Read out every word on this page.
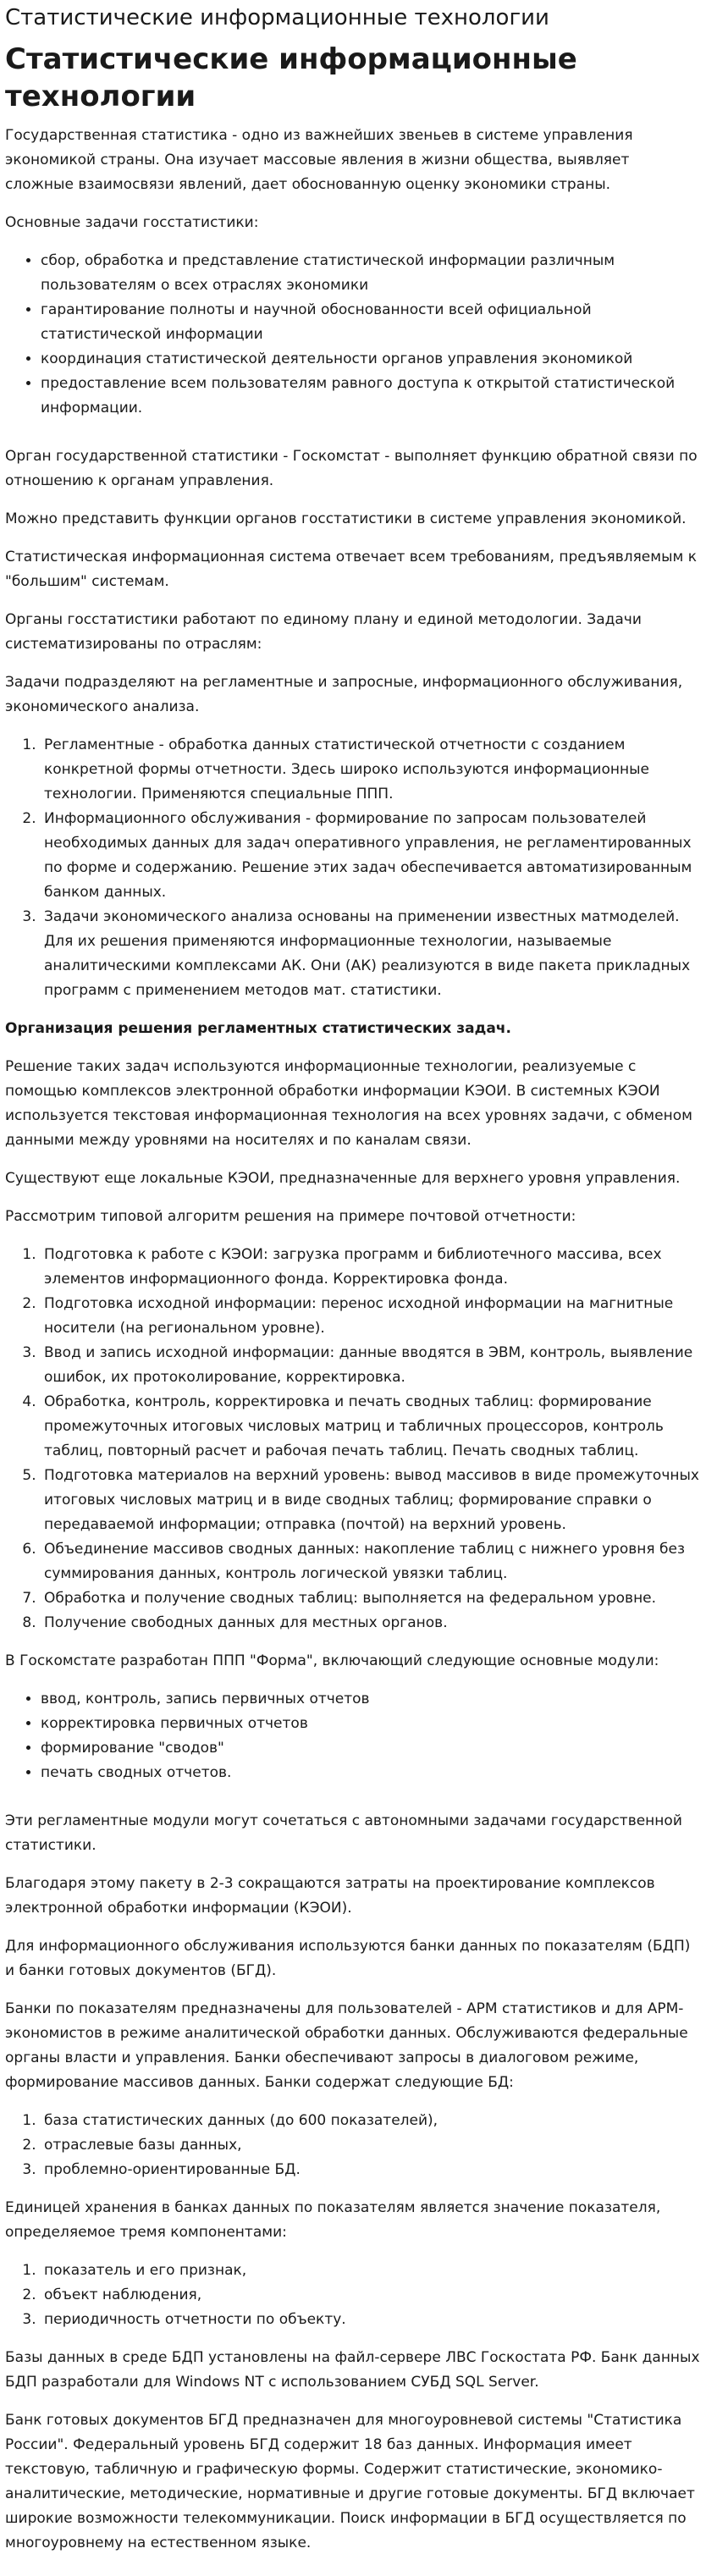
Статистические информационные технологии
Статистические информационные технологии

Государственная статистика - одно из важнейших звеньев в системе управления экономикой страны. Она изучает массовые явления в жизни общества, выявляет сложные взаимосвязи явлений, дает обоснованную оценку экономики страны.

Основные задачи госстатистики:

• сбор, обработка и представление статистической информации различным пользователям о всех отраслях экономики
• гарантирование полноты и научной обоснованности всей официальной статистической информации
• координация статистической деятельности органов управления экономикой
• предоставление всем пользователям равного доступа к открытой статистической информации.

Орган государственной статистики - Госкомстат - выполняет функцию обратной связи по отношению к органам управления.

Можно представить функции органов госстатистики в системе управления экономикой.

Статистическая информационная система отвечает всем требованиям, предъявляемым к "большим" системам.

Органы госстатистики работают по единому плану и единой методологии. Задачи систематизированы по отраслям:

Задачи подразделяют на регламентные и запросные, информационного обслуживания, экономического анализа.

1. Регламентные - обработка данных статистической отчетности с созданием конкретной формы отчетности. Здесь широко используются информационные технологии. Применяются специальные ППП.
2. Информационного обслуживания - формирование по запросам пользователей необходимых данных для задач оперативного управления, не регламентированных по форме и содержанию. Решение этих задач обеспечивается автоматизированным банком данных.
3. Задачи экономического анализа основаны на применении известных матмоделей. Для их решения применяются информационные технологии, называемые аналитическими комплексами АК. Они (АК) реализуются в виде пакета прикладных программ с применением методов мат. статистики.

Организация решения регламентных статистических задач.

Решение таких задач используются информационные технологии, реализуемые с помощью комплексов электронной обработки информации КЭОИ. В системных КЭОИ используется текстовая информационная технология на всех уровнях задачи, с обменом данными между уровнями на носителях и по каналам связи.

Существуют еще локальные КЭОИ, предназначенные для верхнего уровня управления.

Рассмотрим типовой алгоритм решения на примере почтовой отчетности:

1. Подготовка к работе с КЭОИ: загрузка программ и библиотечного массива, всех элементов информационного фонда. Корректировка фонда.
2. Подготовка исходной информации: перенос исходной информации на магнитные носители (на региональном уровне).
3. Ввод и запись исходной информации: данные вводятся в ЭВМ, контроль, выявление ошибок, их протоколирование, корректировка.
4. Обработка, контроль, корректировка и печать сводных таблиц: формирование промежуточных итоговых числовых матриц и табличных процессоров, контроль таблиц, повторный расчет и рабочая печать таблиц. Печать сводных таблиц.
5. Подготовка материалов на верхний уровень: вывод массивов в виде промежуточных итоговых числовых матриц и в виде сводных таблиц; формирование справки о передаваемой информации; отправка (почтой) на верхний уровень.
6. Объединение массивов сводных данных: накопление таблиц с нижнего уровня без суммирования данных, контроль логической увязки таблиц.
7. Обработка и получение сводных таблиц: выполняется на федеральном уровне.
8. Получение свободных данных для местных органов.

В Госкомстате разработан ППП "Форма", включающий следующие основные модули:

• ввод, контроль, запись первичных отчетов
• корректировка первичных отчетов
• формирование "сводов"
• печать сводных отчетов.

Эти регламентные модули могут сочетаться с автономными задачами государственной статистики.

Благодаря этому пакету в 2-3 сокращаются затраты на проектирование комплексов электронной обработки информации (КЭОИ).

Для информационного обслуживания используются банки данных по показателям (БДП) и банки готовых документов (БГД).

Банки по показателям предназначены для пользователей - АРМ статистиков и для АРМ-экономистов в режиме аналитической обработки данных. Обслуживаются федеральные органы власти и управления. Банки обеспечивают запросы в диалоговом режиме, формирование массивов данных. Банки содержат следующие БД:

1. база статистических данных (до 600 показателей),
2. отраслевые базы данных,
3. проблемно-ориентированные БД.

Единицей хранения в банках данных по показателям является значение показателя, определяемое тремя компонентами:

1. показатель и его признак,
2. объект наблюдения,
3. периодичность отчетности по объекту.

Базы данных в среде БДП установлены на файл-сервере ЛВС Госкостата РФ. Банк данных БДП разработали для Windows NT с использованием СУБД SQL Server.

Банк готовых документов БГД предназначен для многоуровневой системы "Статистика России". Федеральный уровень БГД содержит 18 баз данных. Информация имеет текстовую, табличную и графическую формы. Содержит статистические, экономико-аналитические, методические, нормативные и другие готовые документы. БГД включает широкие возможности телекоммуникации. Поиск информации в БГД осуществляется по многоуровнему на естественном языке.
